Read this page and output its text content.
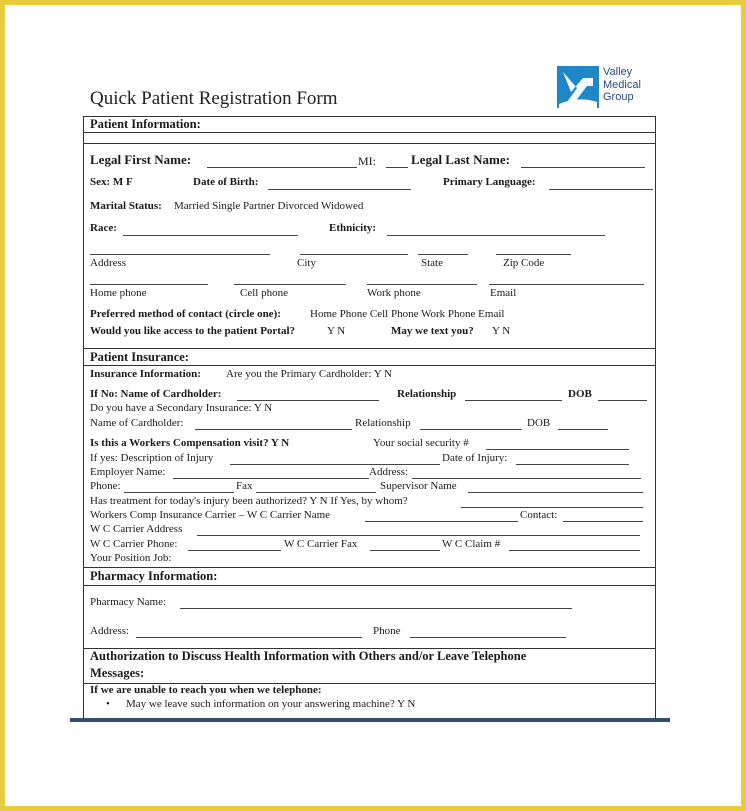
Quick Patient Registration Form
Valley
Medical
Group
Patient Information:
Legal First Name:	MI:	Legal Last Name:
Sex: M F	Date of Birth:	Primary Language:
Marital Status: Married Single Partner Divorced Widowed
Race:	Ethnicity:
Address	City	State	Zip Code
Home phone	Cell phone	Work phone	Email
Preferred method of contact (circle one):	Home Phone Cell Phone Work Phone Email
Would you like access to the patient Portal?	Y N	May we text you? Y N
Patient Insurance:
Insurance Information: Are you the Primary Cardholder: Y N
If No: Name of Cardholder:	Relationship	DOB
Do you have a Secondary Insurance: Y N
Name of Cardholder:	Relationship	DOB
Is this a Workers Compensation visit? Y N	Your social security #
If yes: Description of Injury	Date of Injury:
Employer Name:	Address:
Phone:	Fax	Supervisor Name
Has treatment for today's injury been authorized? Y N If Yes, by whom?
Workers Comp Insurance Carrier – W C Carrier Name	Contact:
W C Carrier Address
W C Carrier Phone:	W C Carrier Fax	W C Claim #
Your Position Job:
Pharmacy Information:
Pharmacy Name:
Address:	Phone
Authorization to Discuss Health Information with Others and/or Leave Telephone
Messages:
If we are unable to reach you when we telephone:
• May we leave such information on your answering machine? Y N
